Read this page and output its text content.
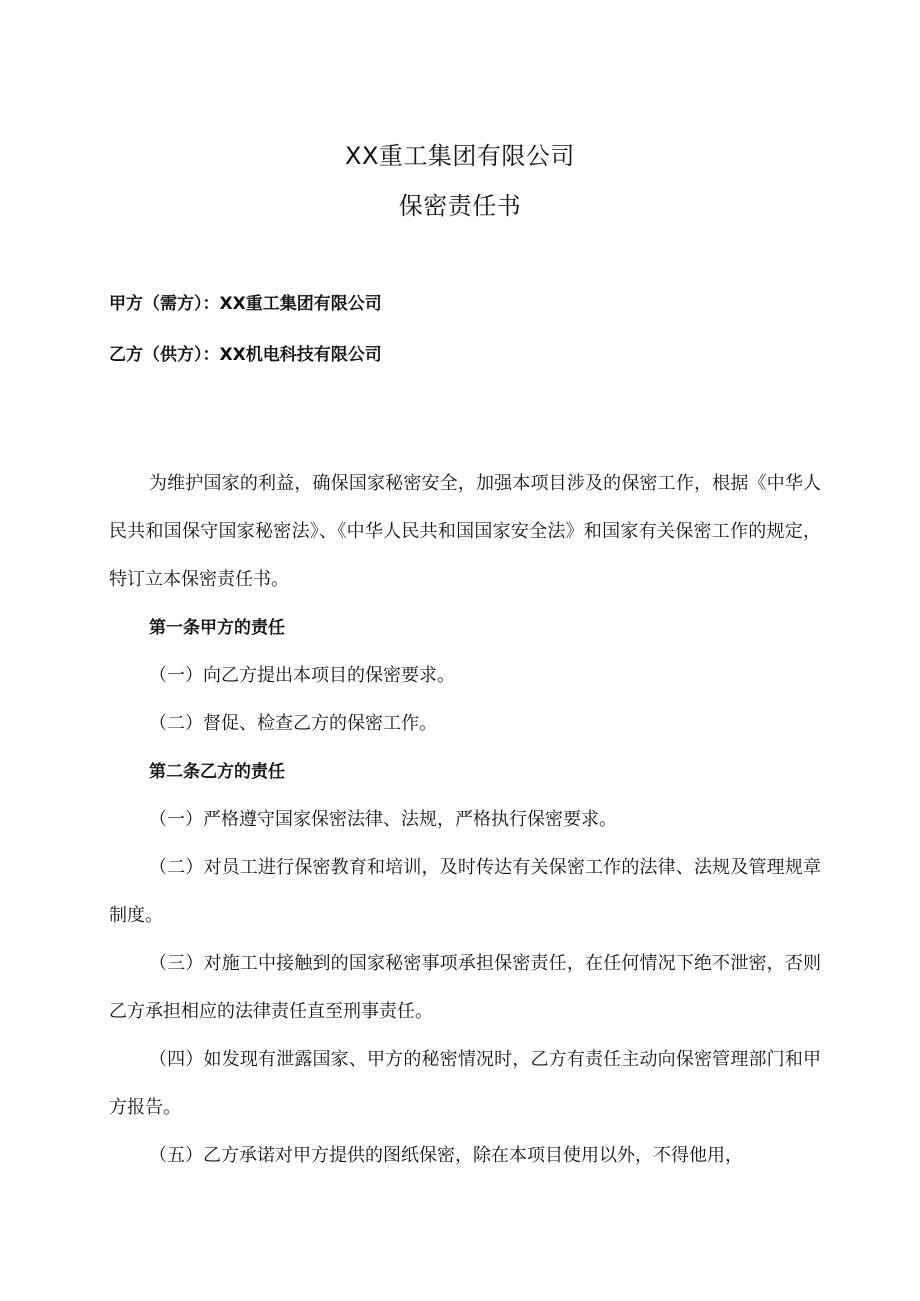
XX重工集团有限公司
保密责任书
甲方（需方）：XX重工集团有限公司
乙方（供方）：XX机电科技有限公司

为维护国家的利益，确保国家秘密安全，加强本项目涉及的保密工作，根据《中华人民共和国保守国家秘密法》、《中华人民共和国国家安全法》和国家有关保密工作的规定，特订立本保密责任书。

第一条甲方的责任

（一）向乙方提出本项目的保密要求。

（二）督促、检查乙方的保密工作。

第二条乙方的责任

（一）严格遵守国家保密法律、法规，严格执行保密要求。

（二）对员工进行保密教育和培训，及时传达有关保密工作的法律、法规及管理规章制度。

（三）对施工中接触到的国家秘密事项承担保密责任，在任何情况下绝不泄密，否则乙方承担相应的法律责任直至刑事责任。

（四）如发现有泄露国家、甲方的秘密情况时，乙方有责任主动向保密管理部门和甲方报告。

（五）乙方承诺对甲方提供的图纸保密，除在本项目使用以外，不得他用，
